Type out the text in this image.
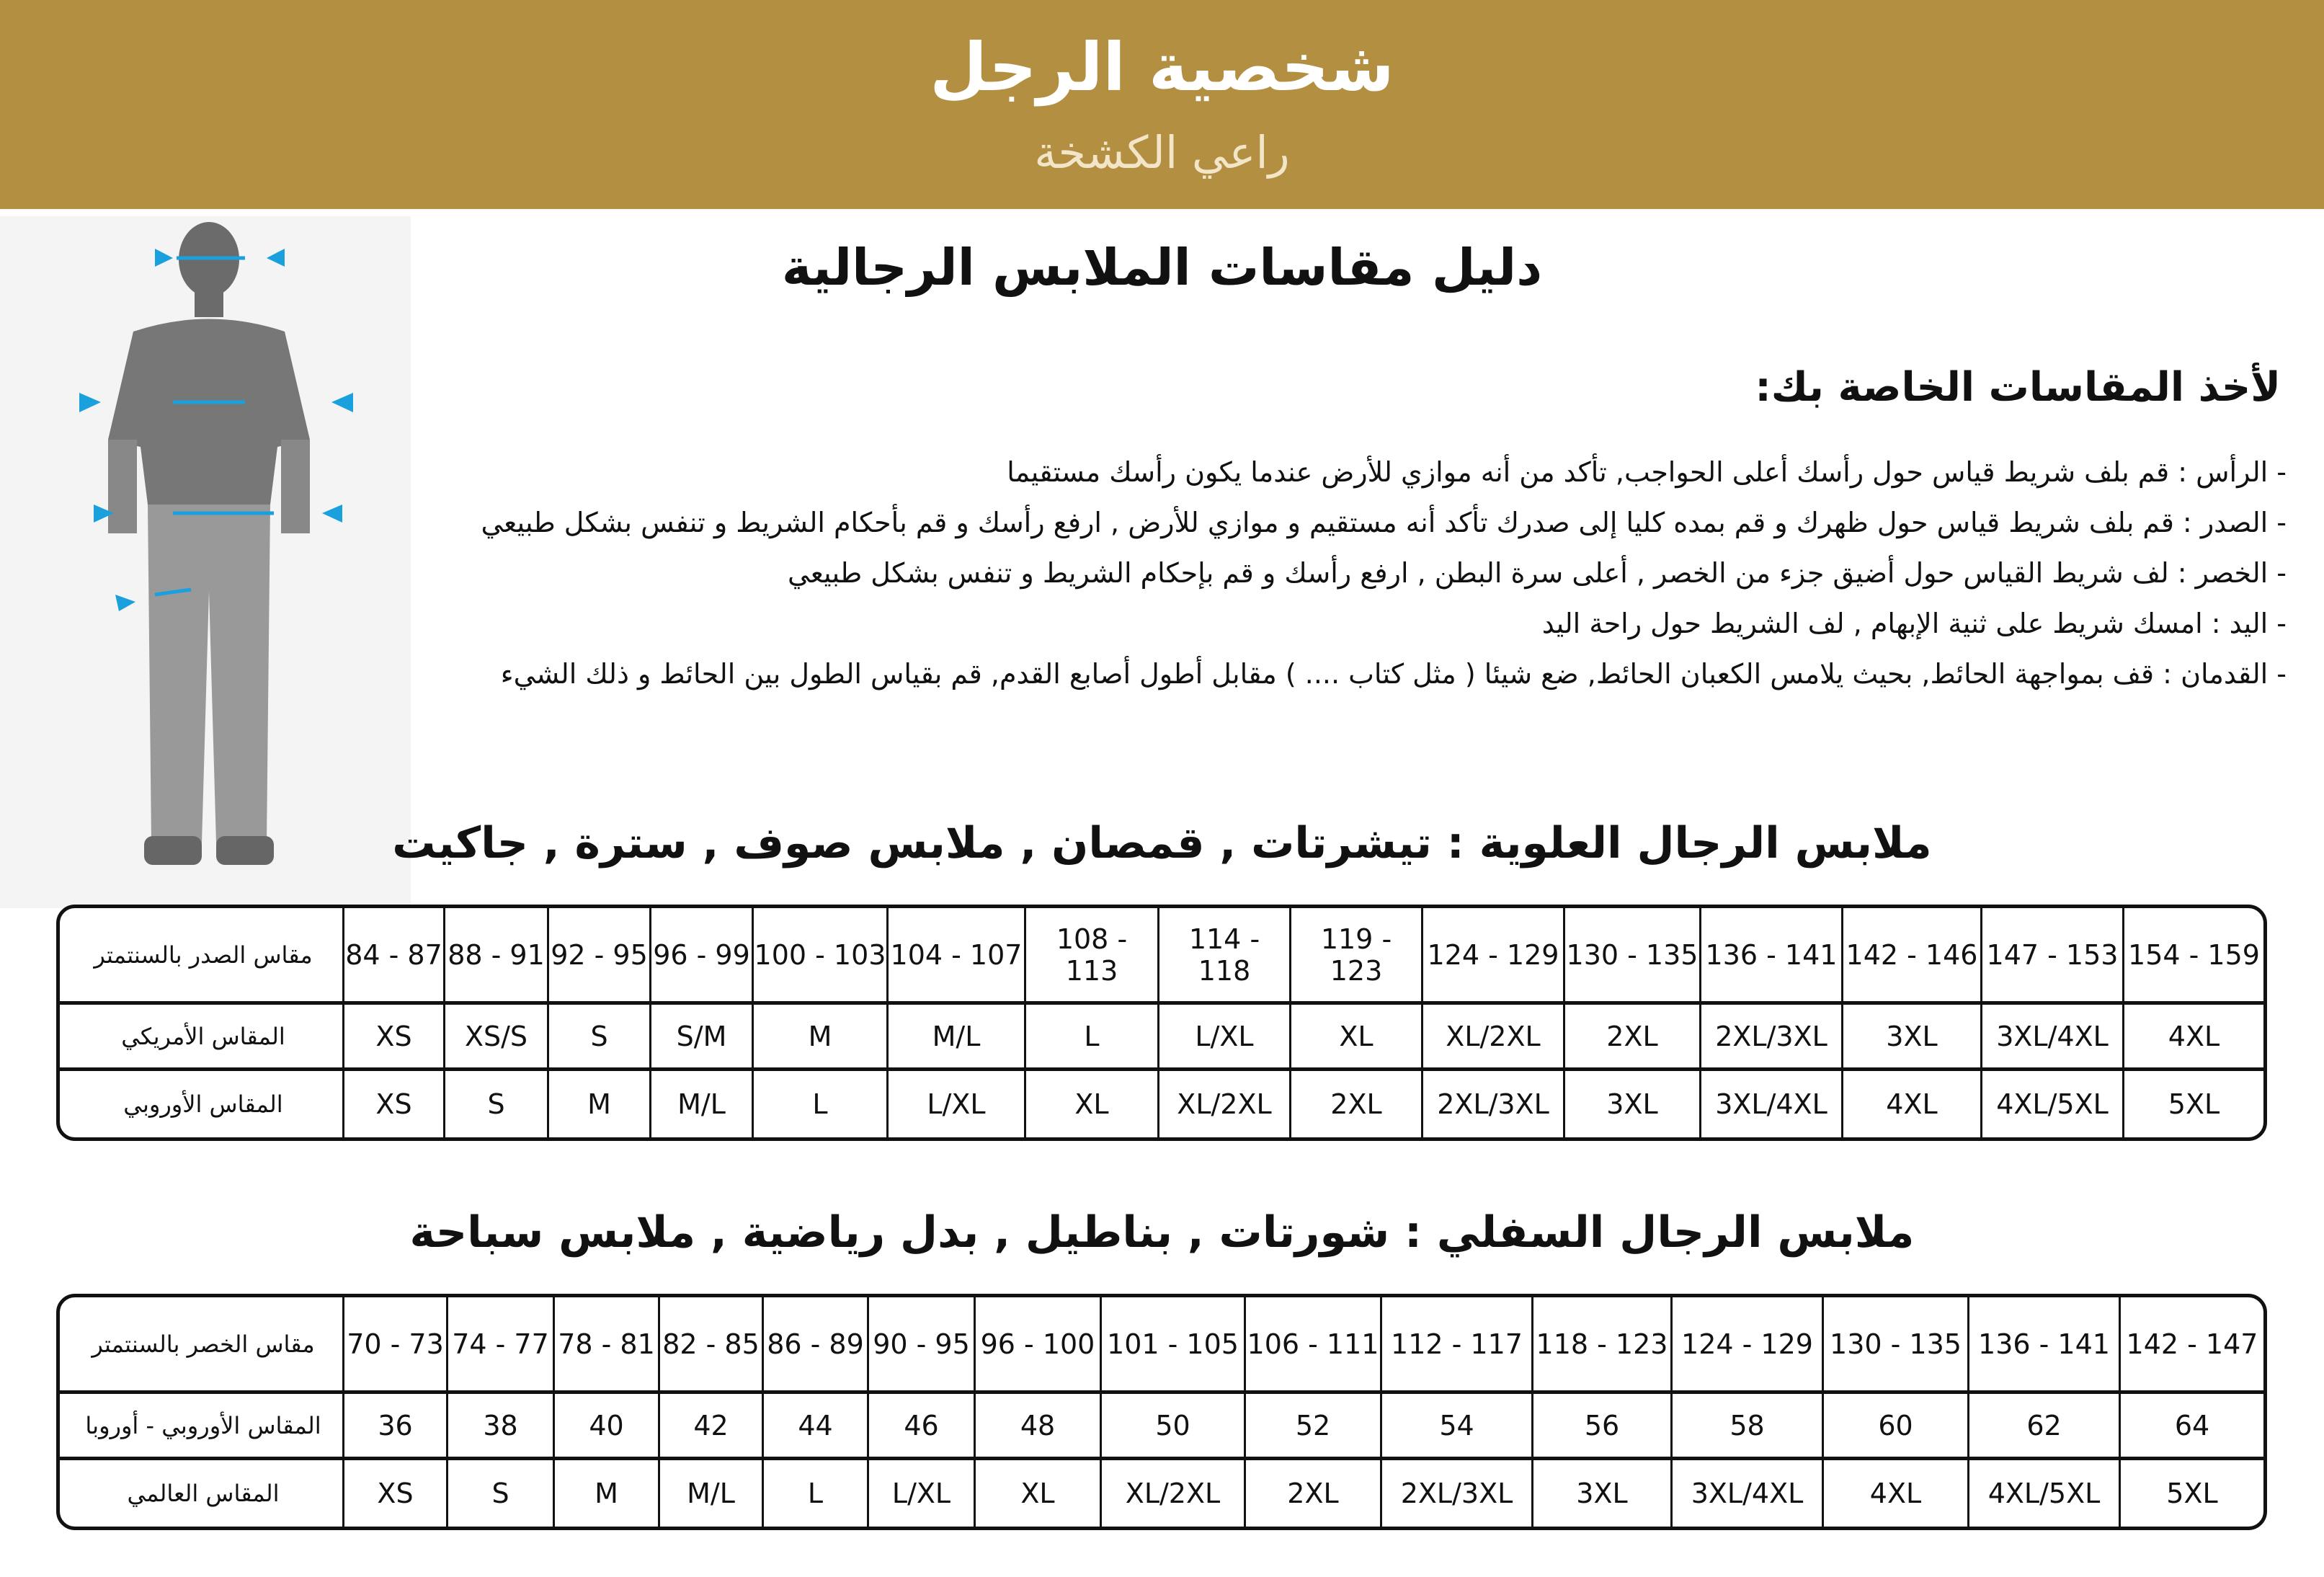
شخصية الرجل
راعي الكشخة
دليل مقاسات الملابس الرجالية
لأخذ المقاسات الخاصة بك:
- الرأس : قم بلف شريط قياس حول رأسك أعلى الحواجب, تأكد من أنه موازي للأرض عندما يكون رأسك مستقيما
- الصدر : قم بلف شريط قياس حول ظهرك و قم بمده كليا إلى صدرك تأكد أنه مستقيم و موازي للأرض , ارفع رأسك و قم بأحكام الشريط و تنفس بشكل طبيعي
- الخصر : لف شريط القياس حول أضيق جزء من الخصر , أعلى سرة البطن , ارفع رأسك و قم بإحكام الشريط و تنفس بشكل طبيعي
- اليد : امسك شريط على ثنية الإبهام , لف الشريط حول راحة اليد
- القدمان : قف بمواجهة الحائط, بحيث يلامس الكعبان الحائط, ضع شيئا ( مثل كتاب .... ) مقابل أطول أصابع القدم, قم بقياس الطول بين الحائط و ذلك الشيء
ملابس الرجال العلوية : تيشرتات , قمصان , ملابس صوف , سترة , جاكيت
مقاس الصدر بالسنتمتر	84 - 87	88 - 91	92 - 95	96 - 99	100 - 103	104 - 107	108 - 113	114 - 118	119 - 123	124 - 129	130 - 135	136 - 141	142 - 146	147 - 153	154 - 159
المقاس الأمريكي	XS	XS/S	S	S/M	M	M/L	L	L/XL	XL	XL/2XL	2XL	2XL/3XL	3XL	3XL/4XL	4XL
المقاس الأوروبي	XS	S	M	M/L	L	L/XL	XL	XL/2XL	2XL	2XL/3XL	3XL	3XL/4XL	4XL	4XL/5XL	5XL
ملابس الرجال السفلي : شورتات , بناطيل , بدل رياضية , ملابس سباحة
مقاس الخصر بالسنتمتر	70 - 73	74 - 77	78 - 81	82 - 85	86 - 89	90 - 95	96 - 100	101 - 105	106 - 111	112 - 117	118 - 123	124 - 129	130 - 135	136 - 141	142 - 147
المقاس الأوروبي - أوروبا	36	38	40	42	44	46	48	50	52	54	56	58	60	62	64
المقاس العالمي	XS	S	M	M/L	L	L/XL	XL	XL/2XL	2XL	2XL/3XL	3XL	3XL/4XL	4XL	4XL/5XL	5XL
